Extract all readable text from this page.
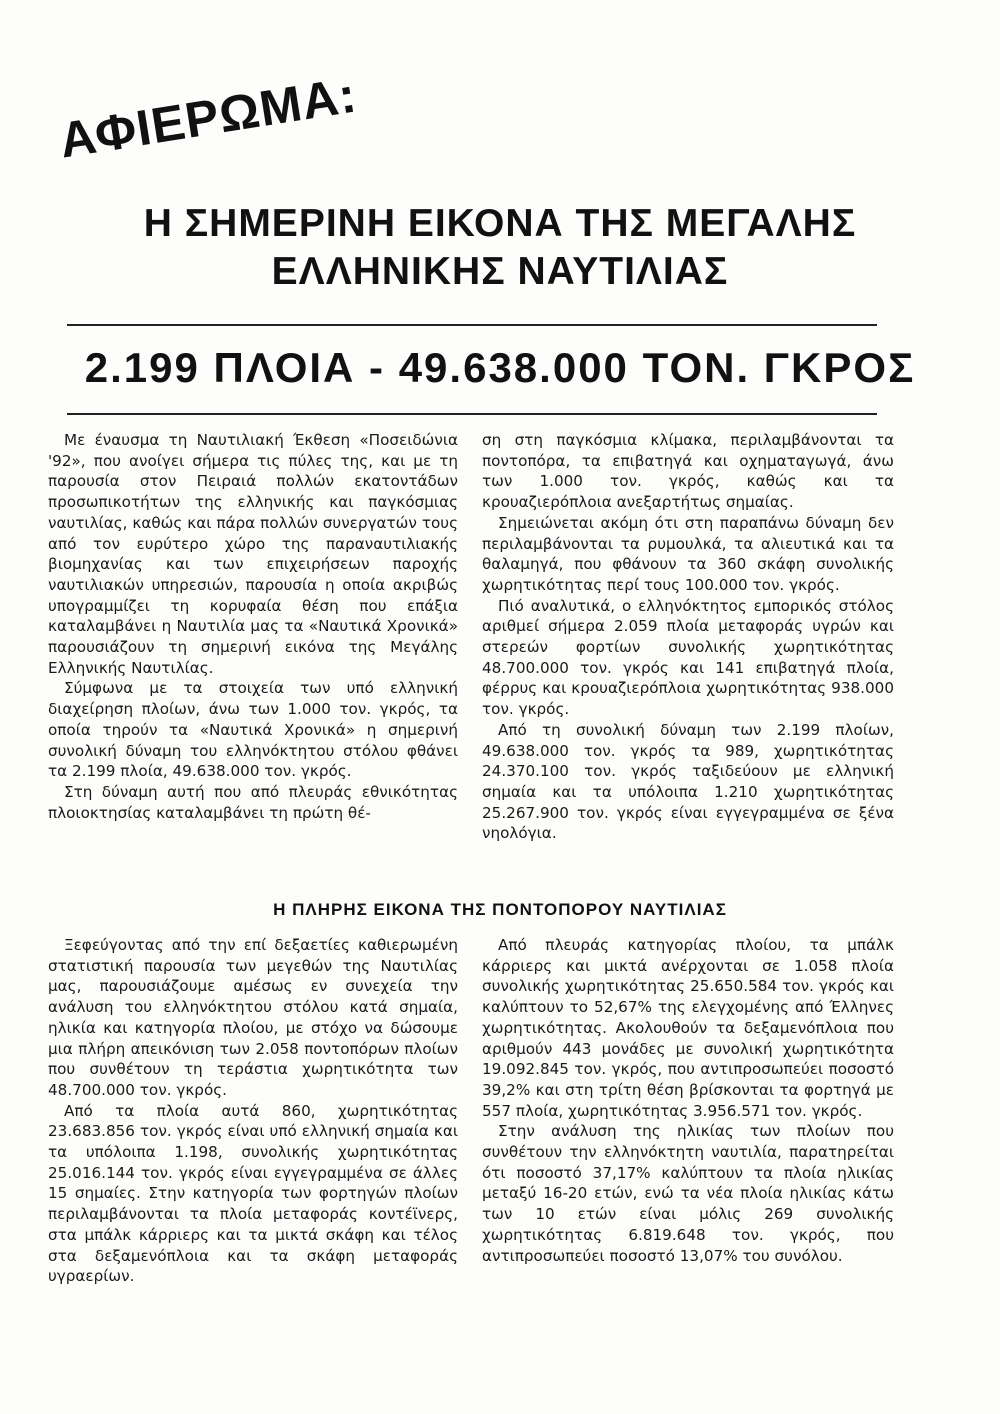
ΑΦΙΕΡΩΜΑ:
Η ΣΗΜΕΡΙΝΗ ΕΙΚΟΝΑ ΤΗΣ ΜΕΓΑΛΗΣ
ΕΛΛΗΝΙΚΗΣ ΝΑΥΤΙΛΙΑΣ
2.199 ΠΛΟΙΑ - 49.638.000 ΤΟΝ. ΓΚΡΟΣ

Με έναυσμα τη Ναυτιλιακή Έκθεση «Ποσειδώνια '92», που ανοίγει σήμερα τις πύλες της, και με τη παρουσία στον Πειραιά πολλών εκατοντάδων προσωπικοτήτων της ελληνικής και παγκόσμιας ναυτιλίας, καθώς και πάρα πολλών συνεργατών τους από τον ευρύτερο χώρο της παραναυτιλιακής βιομηχανίας και των επιχειρήσεων παροχής ναυτιλιακών υπηρεσιών, παρουσία η οποία ακριβώς υπογραμμίζει τη κορυφαία θέση που επάξια καταλαμβάνει η Ναυτιλία μας τα «Ναυτικά Χρονικά» παρουσιάζουν τη σημερινή εικόνα της Μεγάλης Ελληνικής Ναυτιλίας.

Σύμφωνα με τα στοιχεία των υπό ελληνική διαχείρηση πλοίων, άνω των 1.000 τον. γκρός, τα οποία τηρούν τα «Ναυτικά Χρονικά» η σημερινή συνολική δύναμη του ελληνόκτητου στόλου φθάνει τα 2.199 πλοία, 49.638.000 τον. γκρός.

Στη δύναμη αυτή που από πλευράς εθνικότητας πλοιοκτησίας καταλαμβάνει τη πρώτη θέ-

ση στη παγκόσμια κλίμακα, περιλαμβάνονται τα ποντοπόρα, τα επιβατηγά και οχηματαγωγά, άνω των 1.000 τον. γκρός, καθώς και τα κρουαζιερόπλοια ανεξαρτήτως σημαίας.

Σημειώνεται ακόμη ότι στη παραπάνω δύναμη δεν περιλαμβάνονται τα ρυμουλκά, τα αλιευτικά και τα θαλαμηγά, που φθάνουν τα 360 σκάφη συνολικής χωρητικότητας περί τους 100.000 τον. γκρός.

Πιό αναλυτικά, ο ελληνόκτητος εμπορικός στόλος αριθμεί σήμερα 2.059 πλοία μεταφοράς υγρών και στερεών φορτίων συνολικής χωρητικότητας 48.700.000 τον. γκρός και 141 επιβατηγά πλοία, φέρρυς και κρουαζιερόπλοια χωρητικότητας 938.000 τον. γκρός.

Από τη συνολική δύναμη των 2.199 πλοίων, 49.638.000 τον. γκρός τα 989, χωρητικότητας 24.370.100 τον. γκρός ταξιδεύουν με ελληνική σημαία και τα υπόλοιπα 1.210 χωρητικότητας 25.267.900 τον. γκρός είναι εγγεγραμμένα σε ξένα νηολόγια.

Η ΠΛΗΡΗΣ ΕΙΚΟΝΑ ΤΗΣ ΠΟΝΤΟΠΟΡΟΥ ΝΑΥΤΙΛΙΑΣ

Ξεφεύγοντας από την επί δεξαετίες καθιερωμένη στατιστική παρουσία των μεγεθών της Ναυτιλίας μας, παρουσιάζουμε αμέσως εν συνεχεία την ανάλυση του ελληνόκτητου στόλου κατά σημαία, ηλικία και κατηγορία πλοίου, με στόχο να δώσουμε μια πλήρη απεικόνιση των 2.058 ποντοπόρων πλοίων που συνθέτουν τη τεράστια χωρητικότητα των 48.700.000 τον. γκρός.

Από τα πλοία αυτά 860, χωρητικότητας 23.683.856 τον. γκρός είναι υπό ελληνική σημαία και τα υπόλοιπα 1.198, συνολικής χωρητικότητας 25.016.144 τον. γκρός είναι εγγεγραμμένα σε άλλες 15 σημαίες. Στην κατηγορία των φορτηγών πλοίων περιλαμβάνονται τα πλοία μεταφοράς κοντέϊνερς, στα μπάλκ κάρριερς και τα μικτά σκάφη και τέλος στα δεξαμενόπλοια και τα σκάφη μεταφοράς υγραερίων.

Από πλευράς κατηγορίας πλοίου, τα μπάλκ κάρριερς και μικτά ανέρχονται σε 1.058 πλοία συνολικής χωρητικότητας 25.650.584 τον. γκρός και καλύπτουν το 52,67% της ελεγχομένης από Έλληνες χωρητικότητας. Ακολουθούν τα δεξαμενόπλοια που αριθμούν 443 μονάδες με συνολική χωρητικότητα 19.092.845 τον. γκρός, που αντιπροσωπεύει ποσοστό 39,2% και στη τρίτη θέση βρίσκονται τα φορτηγά με 557 πλοία, χωρητικότητας 3.956.571 τον. γκρός.

Στην ανάλυση της ηλικίας των πλοίων που συνθέτουν την ελληνόκτητη ναυτιλία, παρατηρείται ότι ποσοστό 37,17% καλύπτουν τα πλοία ηλικίας μεταξύ 16-20 ετών, ενώ τα νέα πλοία ηλικίας κάτω των 10 ετών είναι μόλις 269 συνολικής χωρητικότητας 6.819.648 τον. γκρός, που αντιπροσωπεύει ποσοστό 13,07% του συνόλου.
